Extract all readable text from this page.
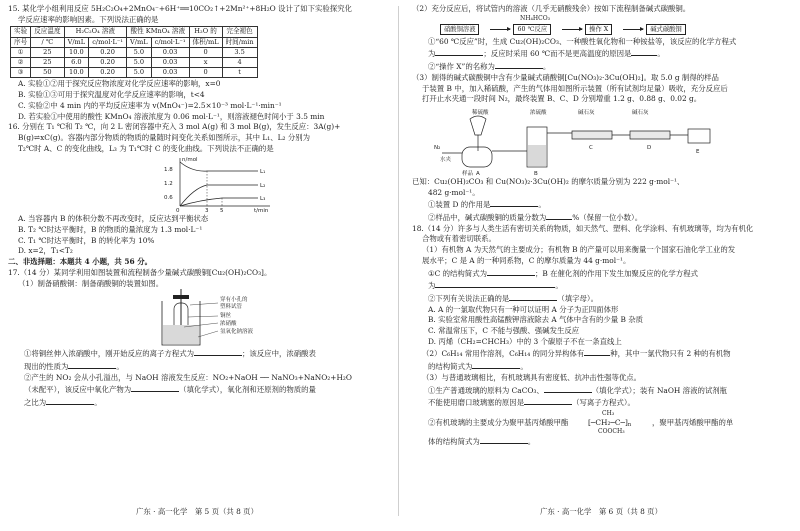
15. 某化学小组利用反应 5H₂C₂O₄+2MnO₄⁻+6H⁺══10CO₂↑+2Mn²⁺+8H₂O 设计了如下实验探究化

学反应速率的影响因素。下列说法正确的是

实验	反应温度	H₂C₂O₄ 溶液		酸性 KMnO₄ 溶液		H₂O 的	完全褪色
序号	/ ℃	V/mL	c/mol·L⁻¹	V/mL	c/mol·L⁻¹	体积/mL	时间/min
①	25	10.0	0.20	5.0	0.03	0	3.5
②	25	6.0	0.20	5.0	0.03	x	4
③	50	10.0	0.20	5.0	0.03	0	t

A. 实验①②用于探究反应物浓度对化学反应速率的影响，x=0

B. 实验①③可用于探究温度对化学反应速率的影响，t<4

C. 实验②中 4 min 内的平均反应速率为 v(MnO₄⁻)=2.5×10⁻³ mol·L⁻¹·min⁻¹

D. 若实验①中使用的酸性 KMnO₄ 溶液浓度为 0.06 mol·L⁻¹，则溶液褪色时间小于 3.5 min

16. 分别在 T₁ ℃和 T₂ ℃，向 2 L 密闭容器中充入 3 mol A(g) 和 3 mol B(g)，发生反应：3A(g)+

B(g)⇌xC(g)。容器内部分物质的物质的量随时间变化关系如图所示，其中 L₁、L₂ 分别为

T₂℃时 A、C 的变化曲线，L₃ 为 T₁℃时 C 的变化曲线。下列说法不正确的是

n/mol
t/min
1.8
1.2
0.6
0	3 5
L₁
L₂
L₃

A. 当容器内 B 的体积分数不再改变时，反应达到平衡状态

B. T₂ ℃时达平衡时，B 的物质的量浓度为 1.3 mol·L⁻¹

C. T₁ ℃时达平衡时，B 的转化率为 10%

D. x=2，T₁<T₂

二、非选择题：本题共 4 小题，共 56 分。

17.（14 分）某同学利用如图装置和流程制备少量碱式碳酸铜[Cu₂(OH)₂CO₃]。

（1）制备硝酸铜：制备硝酸铜的装置如图。

穿有小孔的
塑料试管
铜丝
浓硝酸
氢氧化钠溶液

①将铜丝伸入浓硝酸中，刚开始反应的离子方程式为	；该反应中，浓硝酸表

现出的性质为	。

②产生的 NO₂ 会从小孔溢出，与 NaOH 溶液发生反应：NO₂+NaOH ── NaNO₃+NaNO₂+H₂O

（未配平），该反应中氧化产物为	（填化学式），氧化剂和还原剂的物质的量

之比为	。

广东 · 高一化学　第 5 页（共 8 页）

（2）充分反应后，将试管内的溶液（几乎无硝酸残余）按如下流程制备碱式碳酸铜。

NH₄HCO₃
硝酸铜溶液	60 ℃反应	操作 X	碱式碳酸铜

①“60 ℃反应”时，生成 Cu₂(OH)₂CO₃、一种酸性氧化物和一种铵盐等，该反应的化学方程式

为	；反应时采用 60 ℃而不是更高温度的原因是	。

②“操作 X”的名称为	。

（3）制得的碱式碳酸铜中含有少量碱式硝酸铜[Cu(NO₃)₂·3Cu(OH)₂]。取 5.0 g 制得的样品

于装置 B 中，加入稀硫酸，产生的气体用如图所示装置（所有试剂均足量）吸收，充分反应后

打开止水夹通一段时间 N₂，最终装置 B、C、D 分别增重 1.2 g、0.88 g、0.02 g。

稀硫酸
N₂
水夹
样品 A
浓硫酸
B
碱石灰
C
碱石灰
D
E

已知：Cu₂(OH)₂CO₃ 和 Cu(NO₃)₂·3Cu(OH)₂ 的摩尔质量分别为 222 g·mol⁻¹、

482 g·mol⁻¹。

①装置 D 的作用是	。

②样品中，碱式碳酸铜的质量分数为	%（保留一位小数）。

18.（14 分）许多与人类生活有密切关系的物质，如天然气、塑料、化学涂料、有机玻璃等，均为有机化

合物或有着密切联系。

（1）有机物 A 为天然气的主要成分；有机物 B 的产量可以用来衡量一个国家石油化学工业的发

展水平；C 是 A 的一种同系物，C 的摩尔质量为 44 g·mol⁻¹。

①C 的结构简式为	；B 在催化剂的作用下发生加聚反应的化学方程式

为	。

②下列有关说法正确的是	（填字母）。

A. A 的一氯取代物只有一种可以证明 A 分子为正四面体形

B. 实验室常用酸性高锰酸钾溶液除去 A 气体中含有的少量 B 杂质

C. 常温常压下，C 不能与强酸、强碱发生反应

D. 丙烯（CH₂=CHCH₃）中的 3 个碳原子不在一条直线上

（2）C₆H₁₄ 常用作溶剂，C₆H₁₄ 的同分异构体有	种，其中一氯代物只有 2 种的有机物

的结构简式为	。

（3）与普通玻璃相比，有机玻璃具有密度低、抗冲击性强等优点。

①生产普通玻璃的原料为 CaCO₃、	（填化学式）；装有 NaOH 溶液的试剂瓶

不能使用磨口玻璃塞的原因是	（写离子方程式）。

②有机玻璃的主要成分为聚甲基丙烯酸甲酯
CH₃
[─CH₂─C─]n
COOCH₃
，聚甲基丙烯酸甲酯的单

体的结构简式为	。

广东 · 高一化学　第 6 页（共 8 页）
